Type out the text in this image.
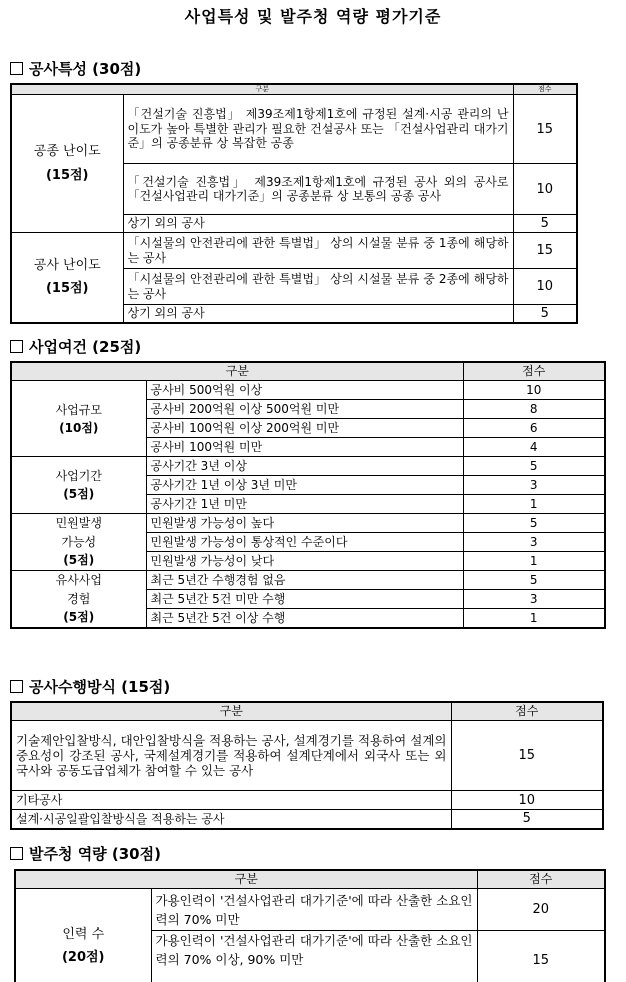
사업특성 및 발주청 역량 평가기준
공사특성 (30점)
구분		점수
공종 난이도
(15점)	「건설기술 진흥법」 제39조제1항제1호에 규정된 설계·시공 관리의 난이도가 높아 특별한 관리가 필요한 건설공사 또는 「건설사업관리 대가기준」의 공종분류 상 복잡한 공종	15
	「건설기술 진흥법」 제39조제1항제1호에 규정된 공사 외의 공사로 「건설사업관리 대가기준」의 공종분류 상 보통의 공종 공사	10
	상기 외의 공사	5
공사 난이도
(15점)	「시설물의 안전관리에 관한 특별법」 상의 시설물 분류 중 1종에 해당하는 공사	15
	「시설물의 안전관리에 관한 특별법」 상의 시설물 분류 중 2종에 해당하는 공사	10
	상기 외의 공사	5
사업여건 (25점)
구분		점수
사업규모
(10점)	공사비 500억원 이상	10
	공사비 200억원 이상 500억원 미만	8
	공사비 100억원 이상 200억원 미만	6
	공사비 100억원 미만	4
사업기간
(5점)	공사기간 3년 이상	5
	공사기간 1년 이상 3년 미만	3
	공사기간 1년 미만	1
민원발생 가능성
(5점)	민원발생 가능성이 높다	5
	민원발생 가능성이 통상적인 수준이다	3
	민원발생 가능성이 낮다	1
유사사업 경험
(5점)	최근 5년간 수행경험 없음	5
	최근 5년간 5건 미만 수행	3
	최근 5년간 5건 이상 수행	1
공사수행방식 (15점)
구분	점수
기술제안입찰방식, 대안입찰방식을 적용하는 공사, 설계경기를 적용하여 설계의 중요성이 강조된 공사, 국제설계경기를 적용하여 설계단계에서 외국사 또는 외국사와 공동도급업체가 참여할 수 있는 공사	15
기타공사	10
설계·시공일괄입찰방식을 적용하는 공사	5
발주청 역량 (30점)
구분		점수
인력 수
(20점)	가용인력이 '건설사업관리 대가기준'에 따라 산출한 소요인력의 70% 미만	20
	가용인력이 '건설사업관리 대가기준'에 따라 산출한 소요인력의 70% 이상, 90% 미만	15
